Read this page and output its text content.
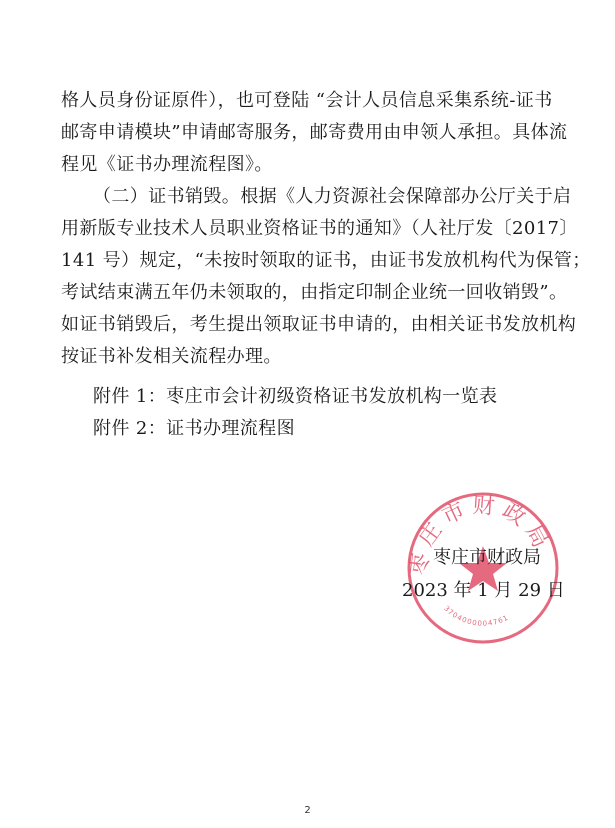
格人员身份证原件），也可登陆 “会计人员信息采集系统-证书
邮寄申请模块”申请邮寄服务，邮寄费用由申领人承担。具体流
程见《证书办理流程图》。
（二）证书销毁。根据《人力资源社会保障部办公厅关于启
用新版专业技术人员职业资格证书的通知》（人社厅发〔2017〕
141 号）规定，“未按时领取的证书，由证书发放机构代为保管；
考试结束满五年仍未领取的，由指定印制企业统一回收销毁”。
如证书销毁后，考生提出领取证书申请的，由相关证书发放机构
按证书补发相关流程办理。
附件 1：枣庄市会计初级资格证书发放机构一览表
附件 2：证书办理流程图
枣庄市财政局
3704000004761
枣庄市财政局
2023 年 1 月 29 日
2
